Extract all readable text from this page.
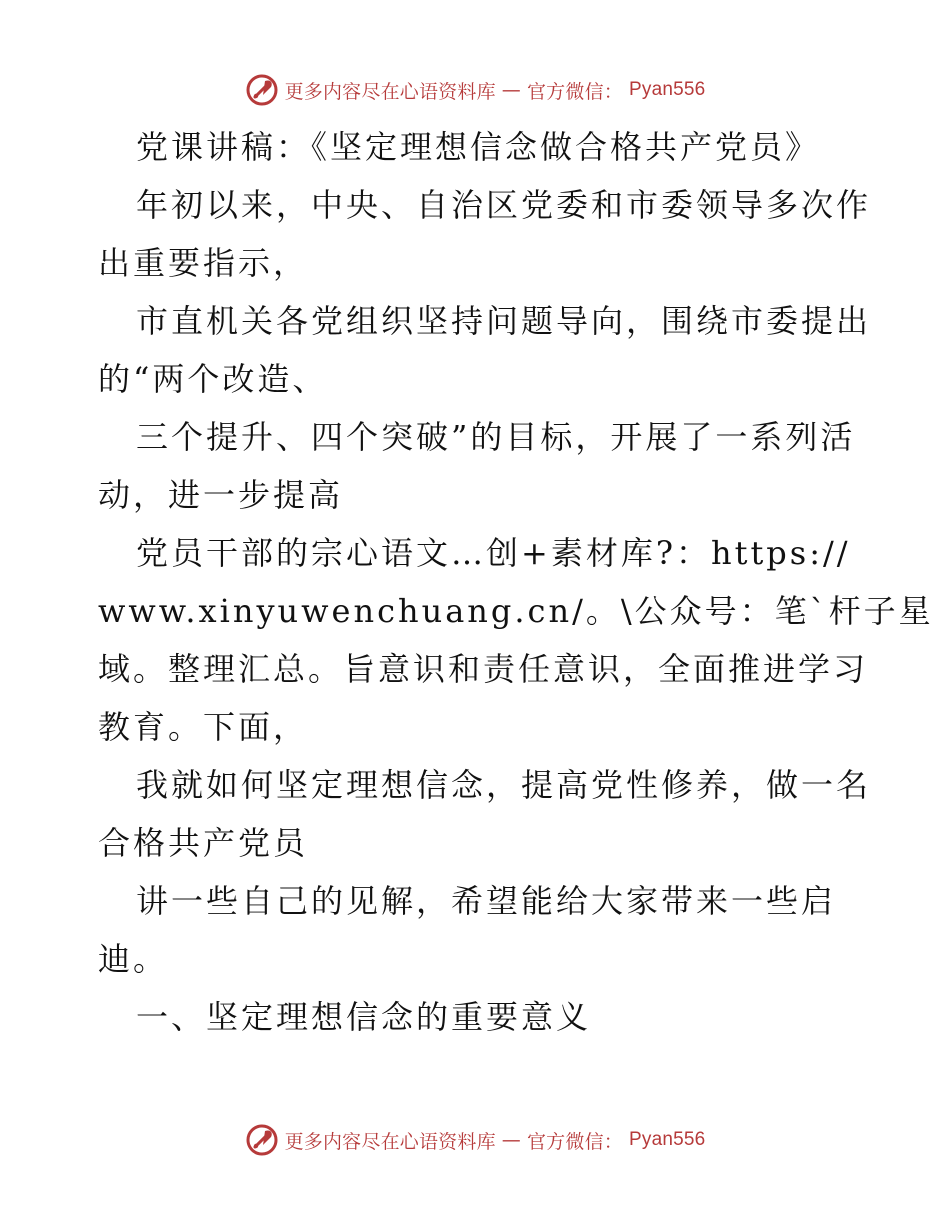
更多内容尽在心语资料库 — 官方微信： Pyan556
党课讲稿：《坚定理想信念做合格共产党员》
年初以来，中央、自治区党委和市委领导多次作
出重要指示，
市直机关各党组织坚持问题导向，围绕市委提出
的“两个改造、
三个提升、四个突破”的目标，开展了一系列活
动，进一步提高
党员干部的宗心语文…创+素材库?：https://
www.xinyuwenchuang.cn/。\公众号：笔`杆子星
域。整理汇总。旨意识和责任意识，全面推进学习
教育。下面，
我就如何坚定理想信念，提高党性修养，做一名
合格共产党员
讲一些自己的见解，希望能给大家带来一些启
迪。
一、坚定理想信念的重要意义
更多内容尽在心语资料库 — 官方微信： Pyan556
